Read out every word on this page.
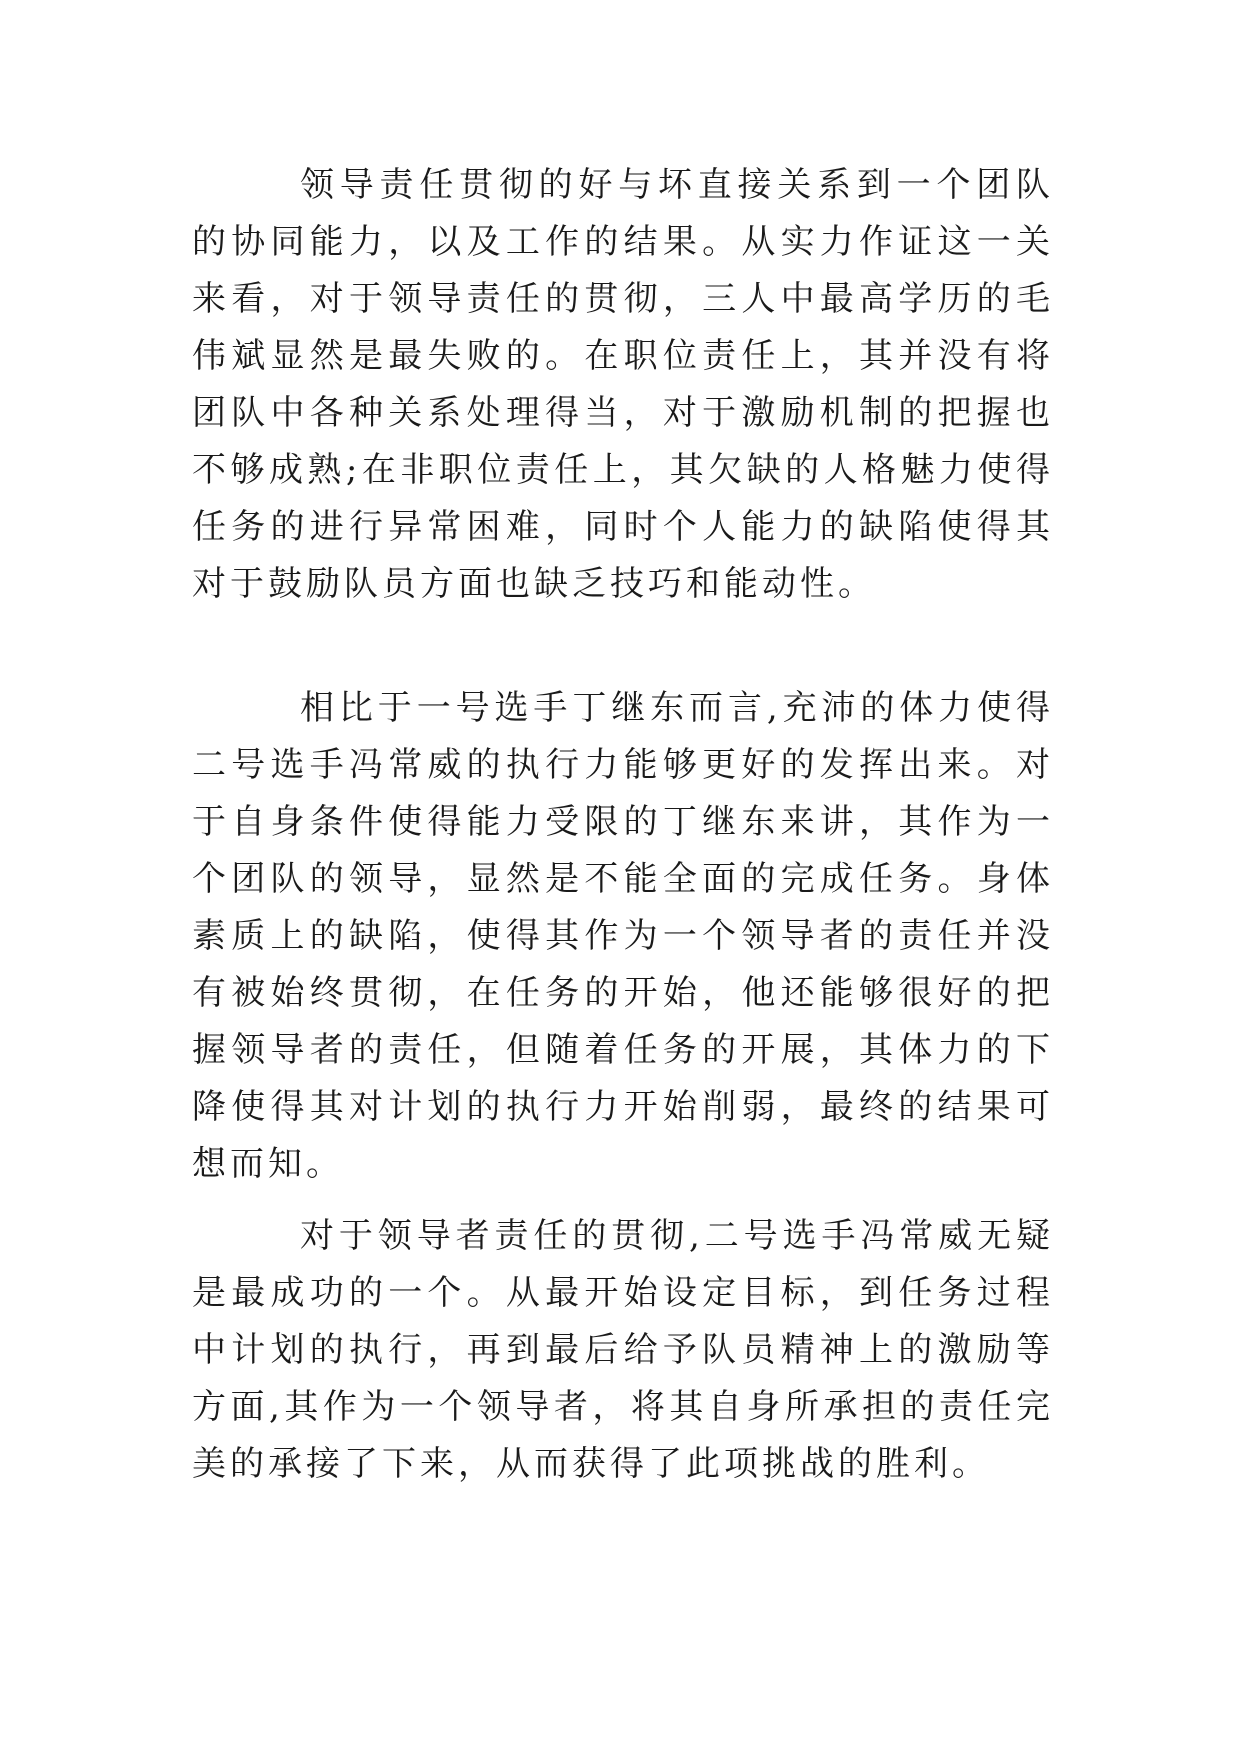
领导责任贯彻的好与坏直接关系到一个团队的协同能力，以及工作的结果。从实力作证这一关来看，对于领导责任的贯彻，三人中最高学历的毛伟斌显然是最失败的。在职位责任上，其并没有将团队中各种关系处理得当，对于激励机制的把握也不够成熟;在非职位责任上，其欠缺的人格魅力使得任务的进行异常困难，同时个人能力的缺陷使得其对于鼓励队员方面也缺乏技巧和能动性。

相比于一号选手丁继东而言,充沛的体力使得二号选手冯常威的执行力能够更好的发挥出来。对于自身条件使得能力受限的丁继东来讲，其作为一个团队的领导，显然是不能全面的完成任务。身体素质上的缺陷，使得其作为一个领导者的责任并没有被始终贯彻，在任务的开始，他还能够很好的把握领导者的责任，但随着任务的开展，其体力的下降使得其对计划的执行力开始削弱，最终的结果可想而知。

对于领导者责任的贯彻,二号选手冯常威无疑是最成功的一个。从最开始设定目标，到任务过程中计划的执行，再到最后给予队员精神上的激励等方面,其作为一个领导者，将其自身所承担的责任完美的承接了下来，从而获得了此项挑战的胜利。
